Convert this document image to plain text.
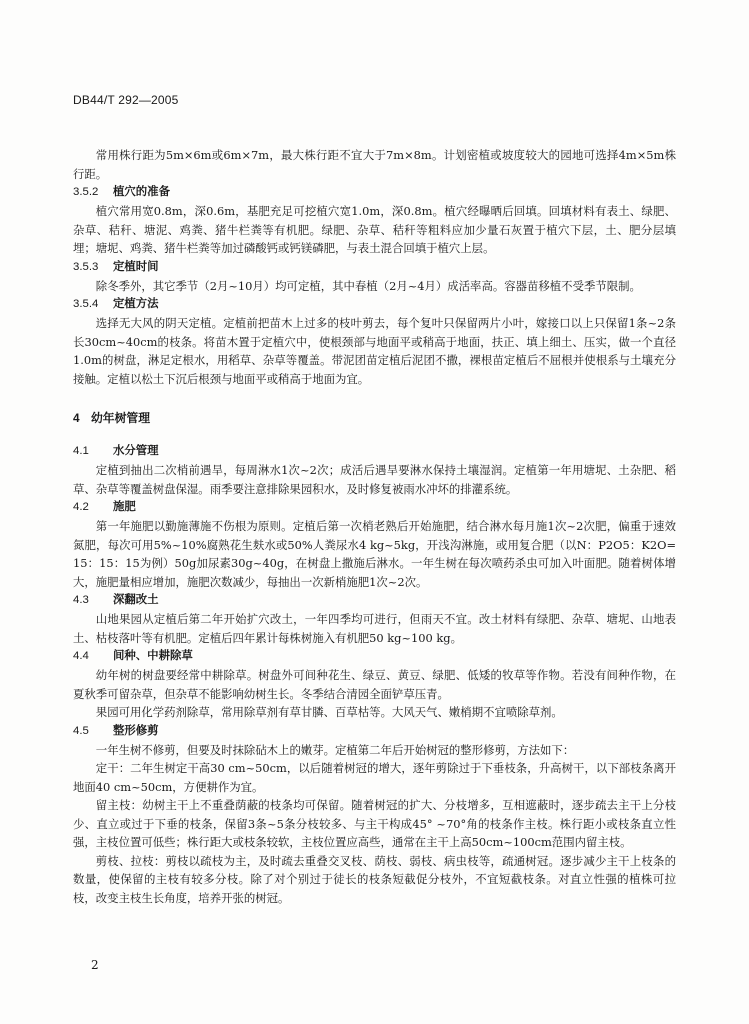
DB44/T 292—2005
常用株行距为5m×6m或6m×7m，最大株行距不宜大于7m×8m。计划密植或坡度较大的园地可选择4m×5m株行距。
3.5.2 植穴的准备
植穴常用宽0.8m，深0.6m，基肥充足可挖植穴宽1.0m，深0.8m。植穴经曝晒后回填。回填材料有表土、绿肥、杂草、秸秆、塘泥、鸡粪、猪牛栏粪等有机肥。绿肥、杂草、秸秆等粗料应加少量石灰置于植穴下层，土、肥分层填埋；塘坭、鸡粪、猪牛栏粪等加过磷酸钙或钙镁磷肥，与表土混合回填于植穴上层。
3.5.3 定植时间
除冬季外，其它季节（2月~10月）均可定植，其中春植（2月~4月）成活率高。容器苗移植不受季节限制。
3.5.4 定植方法
选择无大风的阴天定植。定植前把苗木上过多的枝叶剪去，每个复叶只保留两片小叶，嫁接口以上只保留1条~2条长30cm~40cm的枝条。将苗木置于定植穴中，使根颈部与地面平或稍高于地面，扶正、填上细土、压实，做一个直径1.0m的树盘，淋足定根水，用稻草、杂草等覆盖。带泥团苗定植后泥团不撒，裸根苗定植后不屈根并使根系与土壤充分接触。定植以松土下沉后根颈与地面平或稍高于地面为宜。
4 幼年树管理
4.1 水分管理
定植到抽出二次梢前遇旱，每周淋水1次~2次；成活后遇旱要淋水保持土壤湿润。定植第一年用塘坭、土杂肥、稻草、杂草等覆盖树盘保湿。雨季要注意排除果园积水，及时修复被雨水冲坏的排灌系统。
4.2 施肥
第一年施肥以勤施薄施不伤根为原则。定植后第一次梢老熟后开始施肥，结合淋水每月施1次~2次肥，偏重于速效氮肥，每次可用5%~10%腐熟花生麸水或50%人粪尿水4 kg~5kg，开浅沟淋施，或用复合肥（以N：P2O5：K2O=15：15：15为例）50g加尿素30g~40g，在树盘上撒施后淋水。一年生树在每次喷药杀虫可加入叶面肥。随着树体增大，施肥量相应增加，施肥次数减少，每抽出一次新梢施肥1次~2次。
4.3 深翻改土
山地果园从定植后第二年开始扩穴改土，一年四季均可进行，但雨天不宜。改土材料有绿肥、杂草、塘坭、山地表土、枯枝落叶等有机肥。定植后四年累计每株树施入有机肥50 kg~100 kg。
4.4 间种、中耕除草
幼年树的树盘要经常中耕除草。树盘外可间种花生、绿豆、黄豆、绿肥、低矮的牧草等作物。若没有间种作物，在夏秋季可留杂草，但杂草不能影响幼树生长。冬季结合清园全面铲草压青。
果园可用化学药剂除草，常用除草剂有草甘膦、百草枯等。大风天气、嫩梢期不宜喷除草剂。
4.5 整形修剪
一年生树不修剪，但要及时抹除砧木上的嫩芽。定植第二年后开始树冠的整形修剪，方法如下：
定干：二年生树定干高30 cm~50cm，以后随着树冠的增大，逐年剪除过于下垂枝条，升高树干，以下部枝条离开地面40 cm~50cm，方便耕作为宜。
留主枝：幼树主干上不重叠荫蔽的枝条均可保留。随着树冠的扩大、分枝增多，互相遮蔽时，逐步疏去主干上分枝少、直立或过于下垂的枝条，保留3条~5条分枝较多、与主干构成45° ~70°角的枝条作主枝。株行距小或枝条直立性强，主枝位置可低些；株行距大或枝条较软，主枝位置应高些，通常在主干上高50cm~100cm范围内留主枝。
剪枝、拉枝：剪枝以疏枝为主，及时疏去重叠交叉枝、荫枝、弱枝、病虫枝等，疏通树冠。逐步减少主干上枝条的数量，使保留的主枝有较多分枝。除了对个别过于徒长的枝条短截促分枝外，不宜短截枝条。对直立性强的植株可拉枝，改变主枝生长角度，培养开张的树冠。
2
